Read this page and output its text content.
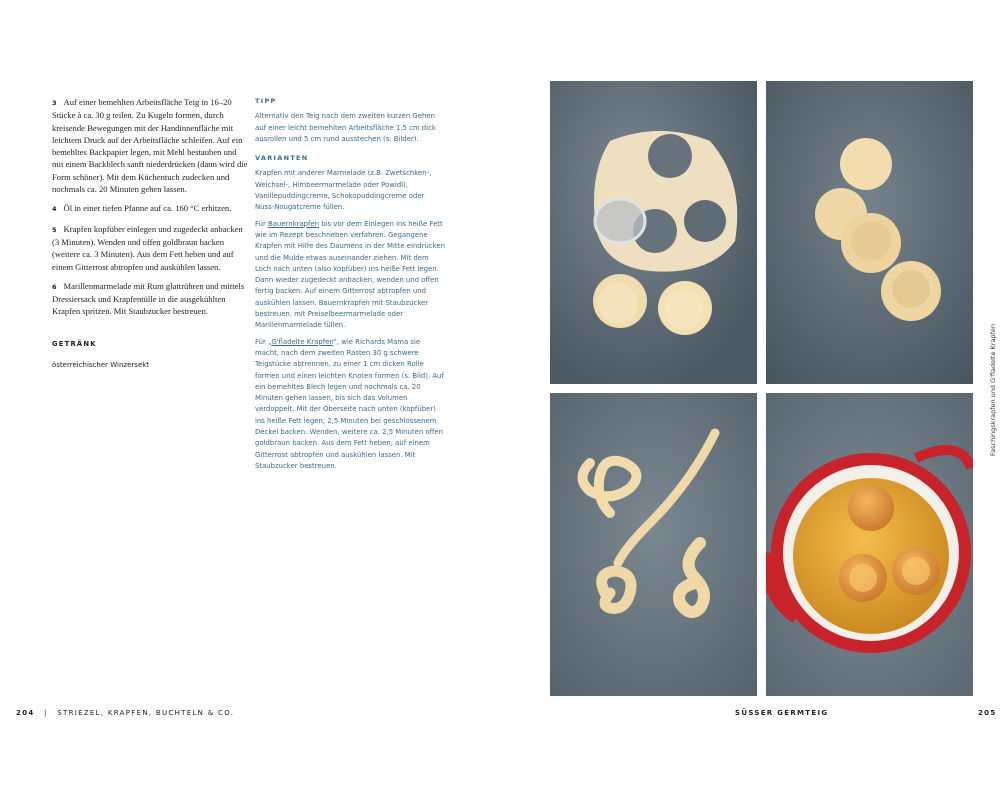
3 Auf einer bemehlten Arbeitsfläche Teig in 16–20 Stücke à ca. 30 g teilen. Zu Kugeln formen, durch kreisende Bewegungen mit der Handinnenfläche mit leichtem Druck auf der Arbeitsfläche schleifen. Auf ein bemehltes Backpapier legen, mit Mehl bestauben und mit einem Backblech sanft niederdrücken (dann wird die Form schöner). Mit dem Küchentuch zudecken und nochmals ca. 20 Minuten gehen lassen.

4 Öl in einer tiefen Pfanne auf ca. 160 °C erhitzen.

5 Krapfen kopfüber einlegen und zugedeckt anbacken (3 Minuten). Wenden und offen goldbraun backen (weitere ca. 3 Minuten). Aus dem Fett heben und auf einem Gitterrost abtropfen und auskühlen lassen.

6 Marillenmarmelade mit Rum glattrühren und mittels Dressiersack und Krapfentülle in die ausgekühlten Krapfen spritzen. Mit Staubzucker bestreuen.

GETRÄNK
österreichischer Winzersekt
TIPP

Alternativ den Teig nach dem zweiten kurzen Gehen auf einer leicht bemehlten Arbeitsfläche 1,5 cm dick ausrollen und 5 cm rund ausstechen (s. Bilder).

VARIANTEN

Krapfen mit anderer Marmelade (z.B. Zwetschken-, Weichsel-, Himbeermarmelade oder Powidl), Vanillepuddingcreme, Schokopuddingcreme oder Nuss-Nougatcreme füllen.

Für Bauernkrapfen bis vor dem Einlegen ins heiße Fett wie im Rezept beschrieben verfahren. Gegangene Krapfen mit Hilfe des Daumens in der Mitte eindrücken und die Mulde etwas auseinander ziehen. Mit dem Loch nach unten (also kopfüber) ins heiße Fett legen. Dann wieder zugedeckt anbacken, wenden und offen fertig backen. Auf einem Gitterrost abtropfen und auskühlen lassen. Bauernkrapfen mit Staubzucker bestreuen, mit Preiselbeermarmelade oder Marillenmarmelade füllen.

Für „G'fladelte Krapfen“, wie Richards Mama sie macht, nach dem zweiten Rasten 30 g schwere Teigstücke abtrennen, zu einer 1 cm dicken Rolle formen und einen leichten Knoten formen (s. Bild). Auf ein bemehltes Blech legen und nochmals ca. 20 Minuten gehen lassen, bis sich das Volumen verdoppelt. Mit der Oberseite nach unten (kopfüber) ins heiße Fett legen, 2,5 Minuten bei geschlossenem Deckel backen. Wenden, weitere ca. 2,5 Minuten offen goldbraun backen. Aus dem Fett heben, auf einem Gitterrost abtropfen und auskühlen lassen. Mit Staubzucker bestreuen.

Faschingskrapfen und G'fladelte Krapfen
204 | STRIEZEL, KRAPFEN, BUCHTELN & CO.	SÜSSER GERMTEIG	205
